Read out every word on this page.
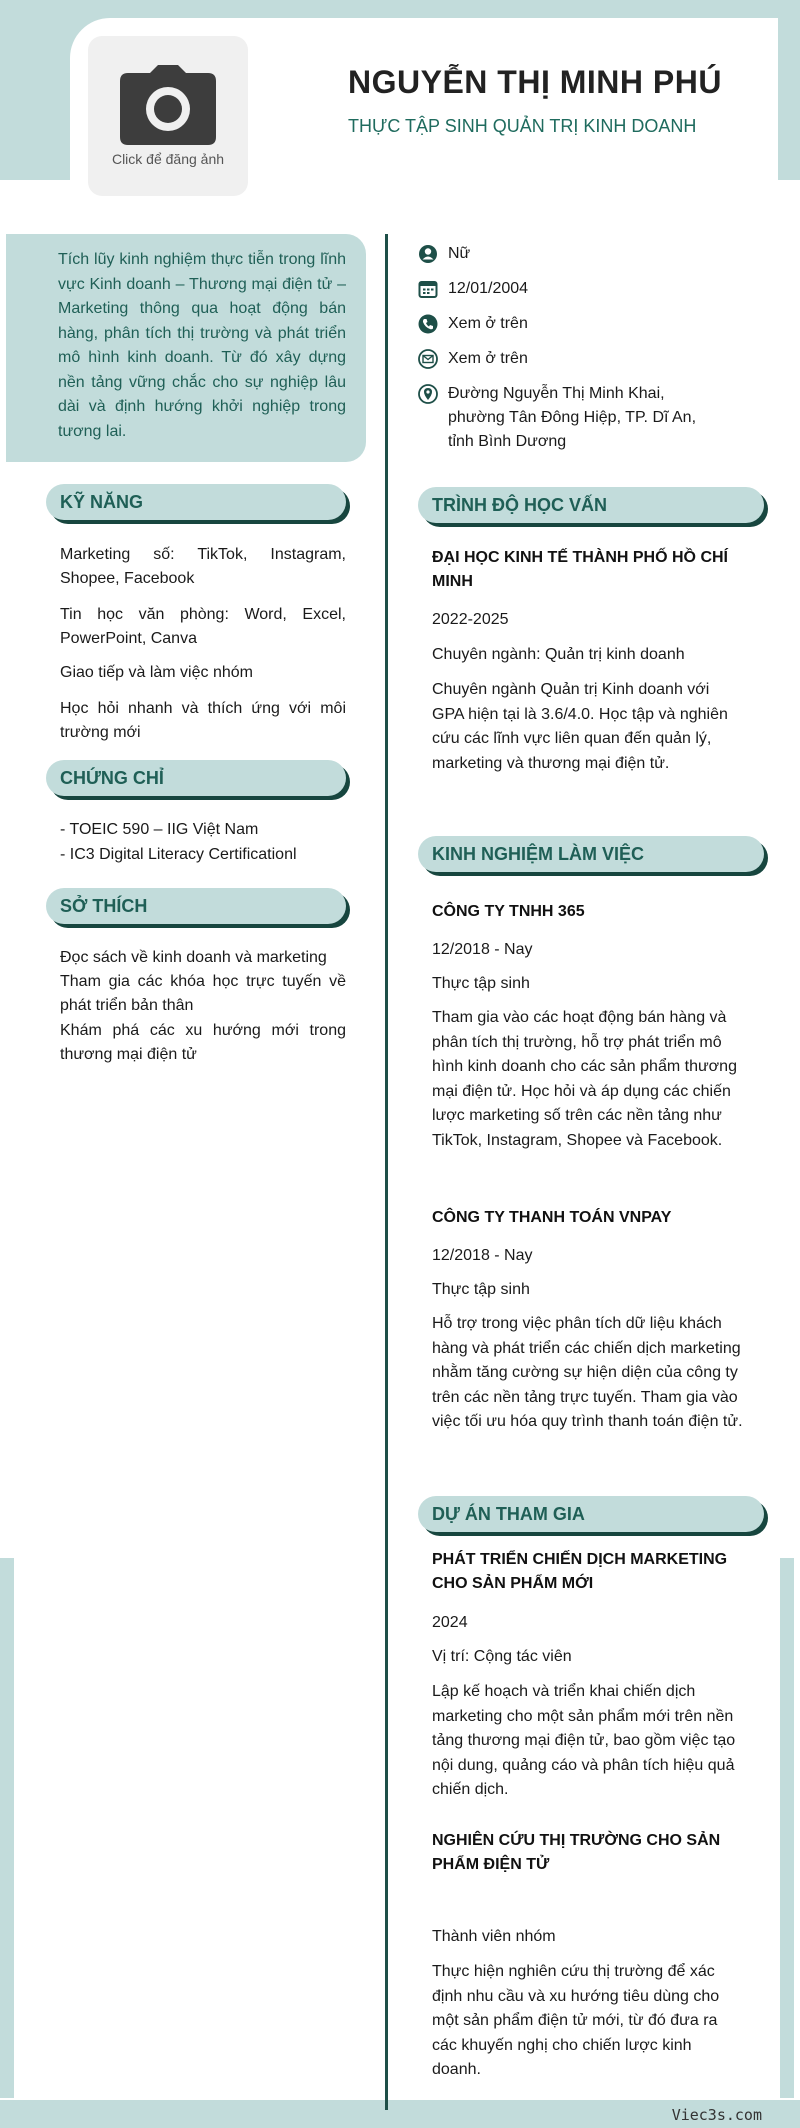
Click để đăng ảnh
NGUYỄN THỊ MINH PHÚ
THỰC TẬP SINH QUẢN TRỊ KINH DOANH

Tích lũy kinh nghiệm thực tiễn trong lĩnh vực Kinh doanh – Thương mại điện tử – Marketing thông qua hoạt động bán hàng, phân tích thị trường và phát triển mô hình kinh doanh. Từ đó xây dựng nền tảng vững chắc cho sự nghiệp lâu dài và định hướng khởi nghiệp trong tương lai.

Nữ
12/01/2004
Xem ở trên
Xem ở trên
Đường Nguyễn Thị Minh Khai, phường Tân Đông Hiệp, TP. Dĩ An, tỉnh Bình Dương
KỸ NĂNG
Marketing số: TikTok, Instagram, Shopee, Facebook
Tin học văn phòng: Word, Excel, PowerPoint, Canva
Giao tiếp và làm việc nhóm
Học hỏi nhanh và thích ứng với môi trường mới
CHỨNG CHỈ
- TOEIC 590 – IIG Việt Nam
- IC3 Digital Literacy Certificationl
SỞ THÍCH
Đọc sách về kinh doanh và marketing
Tham gia các khóa học trực tuyến về phát triển bản thân
Khám phá các xu hướng mới trong thương mại điện tử
TRÌNH ĐỘ HỌC VẤN
ĐẠI HỌC KINH TẾ THÀNH PHỐ HỒ CHÍ MINH
2022-2025
Chuyên ngành: Quản trị kinh doanh
Chuyên ngành Quản trị Kinh doanh với GPA hiện tại là 3.6/4.0. Học tập và nghiên cứu các lĩnh vực liên quan đến quản lý, marketing và thương mại điện tử.
KINH NGHIỆM LÀM VIỆC
CÔNG TY TNHH 365
12/2018 - Nay
Thực tập sinh
Tham gia vào các hoạt động bán hàng và phân tích thị trường, hỗ trợ phát triển mô hình kinh doanh cho các sản phẩm thương mại điện tử. Học hỏi và áp dụng các chiến lược marketing số trên các nền tảng như TikTok, Instagram, Shopee và Facebook.
CÔNG TY THANH TOÁN VNPAY
12/2018 - Nay
Thực tập sinh
Hỗ trợ trong việc phân tích dữ liệu khách hàng và phát triển các chiến dịch marketing nhằm tăng cường sự hiện diện của công ty trên các nền tảng trực tuyến. Tham gia vào việc tối ưu hóa quy trình thanh toán điện tử.
DỰ ÁN THAM GIA
PHÁT TRIỂN CHIẾN DỊCH MARKETING CHO SẢN PHẨM MỚI
2024
Vị trí: Cộng tác viên
Lập kế hoạch và triển khai chiến dịch marketing cho một sản phẩm mới trên nền tảng thương mại điện tử, bao gồm việc tạo nội dung, quảng cáo và phân tích hiệu quả chiến dịch.
NGHIÊN CỨU THỊ TRƯỜNG CHO SẢN PHẨM ĐIỆN TỬ
Thành viên nhóm
Thực hiện nghiên cứu thị trường để xác định nhu cầu và xu hướng tiêu dùng cho một sản phẩm điện tử mới, từ đó đưa ra các khuyến nghị cho chiến lược kinh doanh.
Viec3s.com
